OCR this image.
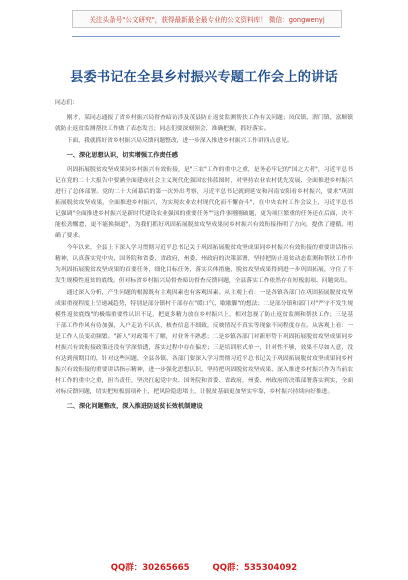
关注头条号"公文研究"，获得最新最全最专业的公文资料库！ 微信：gongwenyj
县委书记在全县乡村振兴专题工作会上的讲话

同志们：

刚才，某同志通报了省乡村振兴局督查暗访涉及茂县防止返贫监测帮扶工作有关问题；凤仪镇、渭门镇、富顺镇就防止返贫监测帮扶工作做了表态发言；同志们要深刻领会，准确把握，抓好落实。

下面，我就抓好省乡村振兴局反馈问题整改，进一步深入推进乡村振兴工作讲四点意见。

一、深化思想认识，切实增强工作责任感

巩固拓展脱贫攻坚成果同乡村振兴有效衔接，是"三农"工作的重中之重，是务必牢记的"国之大者"，习近平总书记在党的二十大报告中要涵全面建成社会主义现代化强国宏伟蓝图时，对坚持农业农村优先发展、全面推进乡村振兴进行了总体部署。党的二十大闭幕后的第一次外出考察，习近平总书记就到延安和河南安阳看乡村振兴，要求"巩固拓展脱贫攻坚成果，全面推进乡村振兴，为实现农业农村现代化而不懈奋斗"，在中央农村工作会议上，习近平总书记强调"全面推进乡村振兴是新时代建设农业强国的重要任务""这件事刚刚破题，更为项巨繁重的任务还在后面，决不能松劲懈怠，更不能换频道"，为我们抓好巩固拓展脱贫攻坚成果同乡村振兴有效衔接指明了方向，提供了遵循，明确了要求。

今年以来，全县上下深入学习贯彻习近平总书记关于巩固拓展脱贫攻坚成果同乡村振兴有效衔接的重要讲话指示精神，认真落实党中央、国务院和省委、省政府，州委、州政府的决策部署，坚持把防止返贫动态监测和帮扶工作作为巩固拓展脱贫攻坚成果的首要任务，细化目标任务，落实兵体措施，脱贫攻坚成果得到进一步巩固拓展，守住了不发生规模性返贫的底线。但对标省乡村振兴局督查暗访督查反馈问题，全县落实工作依然存在短板弱项、问题突出。

通过深入分析，产生问题的根源既有主观因素也有客观因素。从主观上看：一是各镇各部门在巩固拓展脱贫攻坚成果重视程度上呈递减趋势，特别是部分镇村干部存在"缓口气、歇歇脚"的想法；二是部分镇和部门对"严守不发生规模性返贫底线"的极端重要性认识不足，把更多精力放在乡村振兴上，相对忽视了防止返贫监测和帮扶工作；三是基干部工作作风有待加强，入户走访不认真，核查信息不细致，反映情况不真实等现象不同程度存在。从客观上看：一是工作人员变动频繁。"新人"对政策不了解，对业务不熟悉；二是乡镇各部门对新形势下巩固拓展脱贫攻坚成果同乡村振兴有效衔接政策还没有学深悟透，落实过程中存在偏差；三是培训形式单一，针对性不够，效果不尽如人意，没有达到预期目的，针对这些问题，全县各镇、各部门要深入学习贯彻习近平总书记关于巩固拓展脱贫攻坚成果同乡村振兴有效衔接的重要讲话指示精神，进一步强化思想认识，坚持把巩固脱贫攻坚成果、深入推进乡村振兴作为当前农村工作的重中之重，担当责任，坚决扛起党中央、国务院和省委、省政府，州委、州政府的决策部署落实到实，全面对标反馈问题，切实把短板弱项补上，把风险隐患堵上，让脱贫基础更加坚实牢靠，乡村振兴持续向好推进。

二、深化问题整改，深入推进防返贫长效机制建设

QQ群：30265665	QQ群：535304092
